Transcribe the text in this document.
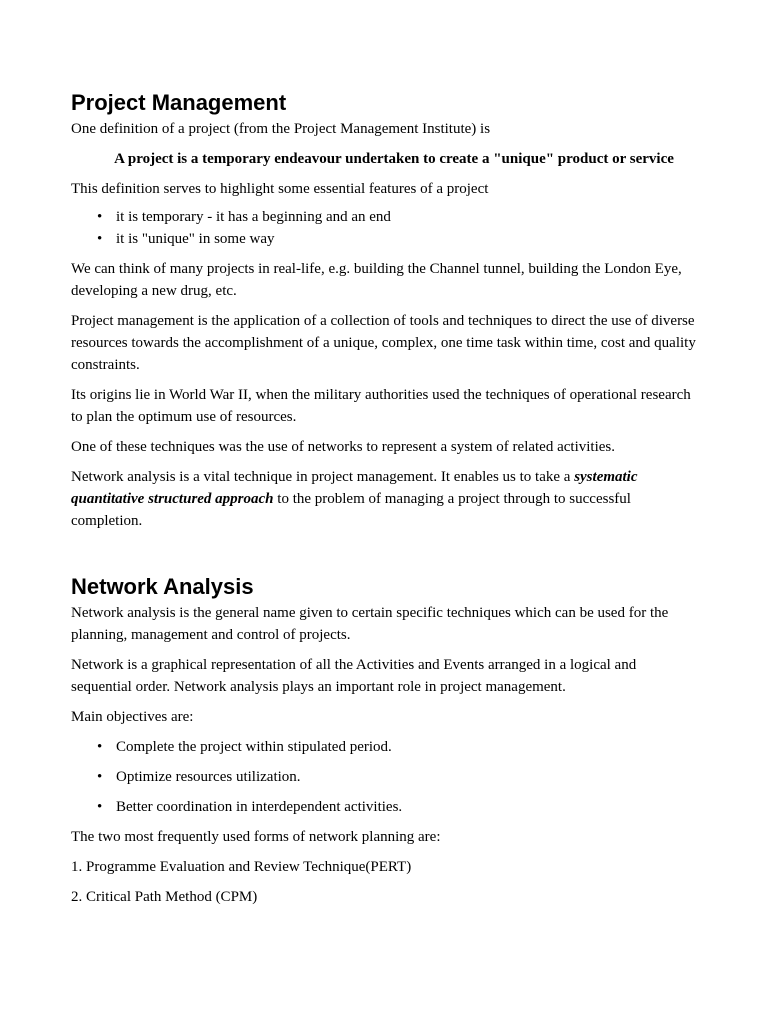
Project Management

One definition of a project (from the Project Management Institute) is

A project is a temporary endeavour undertaken to create a "unique" product or service

This definition serves to highlight some essential features of a project

• it is temporary - it has a beginning and an end
• it is "unique" in some way

We can think of many projects in real-life, e.g. building the Channel tunnel, building the London Eye, developing a new drug, etc.

Project management is the application of a collection of tools and techniques to direct the use of diverse resources towards the accomplishment of a unique, complex, one time task within time, cost and quality constraints.

Its origins lie in World War II, when the military authorities used the techniques of operational research to plan the optimum use of resources.

One of these techniques was the use of networks to represent a system of related activities.

Network analysis is a vital technique in project management. It enables us to take a systematic quantitative structured approach to the problem of managing a project through to successful completion.

Network Analysis

Network analysis is the general name given to certain specific techniques which can be used for the planning, management and control of projects.

Network is a graphical representation of all the Activities and Events arranged in a logical and sequential order. Network analysis plays an important role in project management.

Main objectives are:

• Complete the project within stipulated period.
• Optimize resources utilization.
• Better coordination in interdependent activities.

The two most frequently used forms of network planning are:

1. Programme Evaluation and Review Technique(PERT)

2. Critical Path Method (CPM)
